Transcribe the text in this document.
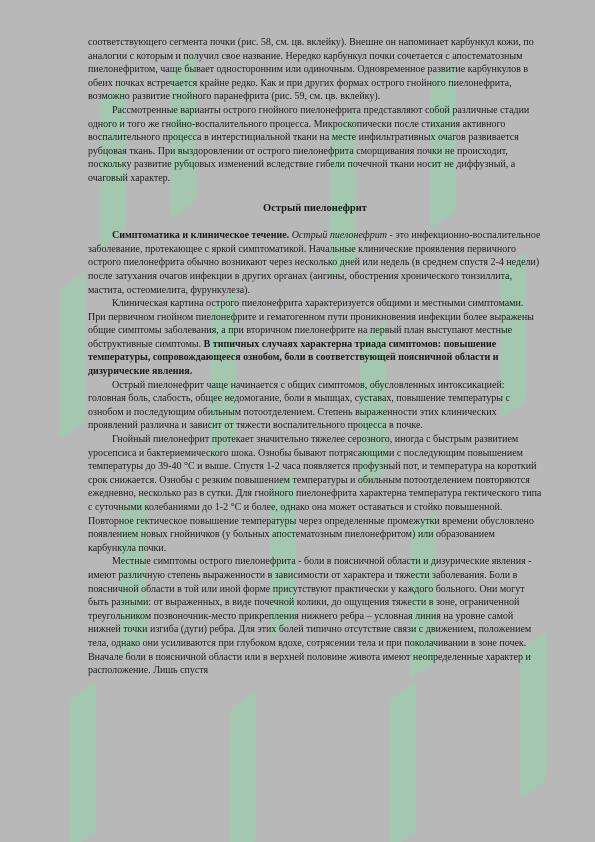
соответствующего сегмента почки (рис. 58, см. цв. вклейку). Внешне он напоминает карбункул кожи, по аналогии с которым и получил свое название. Нередко карбункул почки сочетается с апостематозным пиелонефритом, чаще бывает односторонним или одиночным. Одновременное развитие карбункулов в обеих почках встречается крайне редко. Как и при других формах острого гнойного пиелонефрита, возможно развитие гнойного паранефрита (рис. 59, см. цв. вклейку).

Рассмотренные варианты острого гнойного пиелонефрита представляют собой различные стадии одного и того же гнойно-воспалительного процесса. Микроскопически после стихания активного воспалительного процесса в интерстициальной ткани на месте инфильтративных очагов развивается рубцовая ткань. При выздоровлении от острого пиелонефрита сморщивания почки не происходит, поскольку развитие рубцовых изменений вследствие гибели почечной ткани носит не диффузный, а очаговый характер.

Острый пиелонефрит

Симптоматика и клиническое течение. Острый пиелонефрит - это инфекционно-воспалительное заболевание, протекающее с яркой симптоматикой. Начальные клинические проявления первичного острого пиелонефрита обычно возникают через несколько дней или недель (в среднем спустя 2-4 недели) после затухания очагов инфекции в других органах (ангины, обострения хронического тонзиллита, мастита, остеомиелита, фурункулеза).

Клиническая картина острого пиелонефрита характеризуется общими и местными симптомами. При первичном гнойном пиелонефрите и гематогенном пути проникновения инфекции более выражены общие симптомы заболевания, а при вторичном пиелонефрите на первый план выступают местные обструктивные симптомы. В типичных случаях характерна триада симптомов: повышение температуры, сопровождающееся ознобом, боли в соответствующей поясничной области и дизурические явления.

Острый пиелонефрит чаще начинается с общих симптомов, обусловленных интоксикацией: головная боль, слабость, общее недомогание, боли в мышцах, суставах, повышение температуры с ознобом и последующим обильным потоотделением. Степень выраженности этих клинических проявлений различна и зависит от тяжести воспалительного процесса в почке.

Гнойный пиелонефрит протекает значительно тяжелее серозного, иногда с быстрым развитием уросепсиса и бактериемического шока. Ознобы бывают потрясающими с последующим повышением температуры до 39-40 °С и выше. Спустя 1-2 часа появляется профузный пот, и температура на короткий срок снижается. Ознобы с резким повышением температуры и обильным потоотделением повторяются ежедневно, несколько раз в сутки. Для гнойного пиелонефрита характерна температура гектического типа с суточными колебаниями до 1-2 °С и более, однако она может оставаться и стойко повышенной. Повторное гектическое повышение температуры через определенные промежутки времени обусловлено появлением новых гнойничков (у больных апостематозным пиелонефритом) или образованием карбункула почки.

Местные симптомы острого пиелонефрита - боли в поясничной области и дизурические явления - имеют различную степень выраженности в зависимости от характера и тяжести заболевания. Боли в поясничной области в той или иной форме присутствуют практически у каждого больного. Они могут быть разными: от выраженных, в виде почечной колики, до ощущения тяжести в зоне, ограниченной треугольником позвоночник-место прикрепления нижнего ребра – условная линия на уровне самой нижней точки изгиба (дуги) ребра. Для этих болей типично отсутствие связи с движением, положением тела, однако они усиливаются при глубоком вдохе, сотрясении тела и при поколачивании в зоне почек. Вначале боли в поясничной области или в верхней половине живота имеют неопределенные характер и расположение. Лишь спустя
